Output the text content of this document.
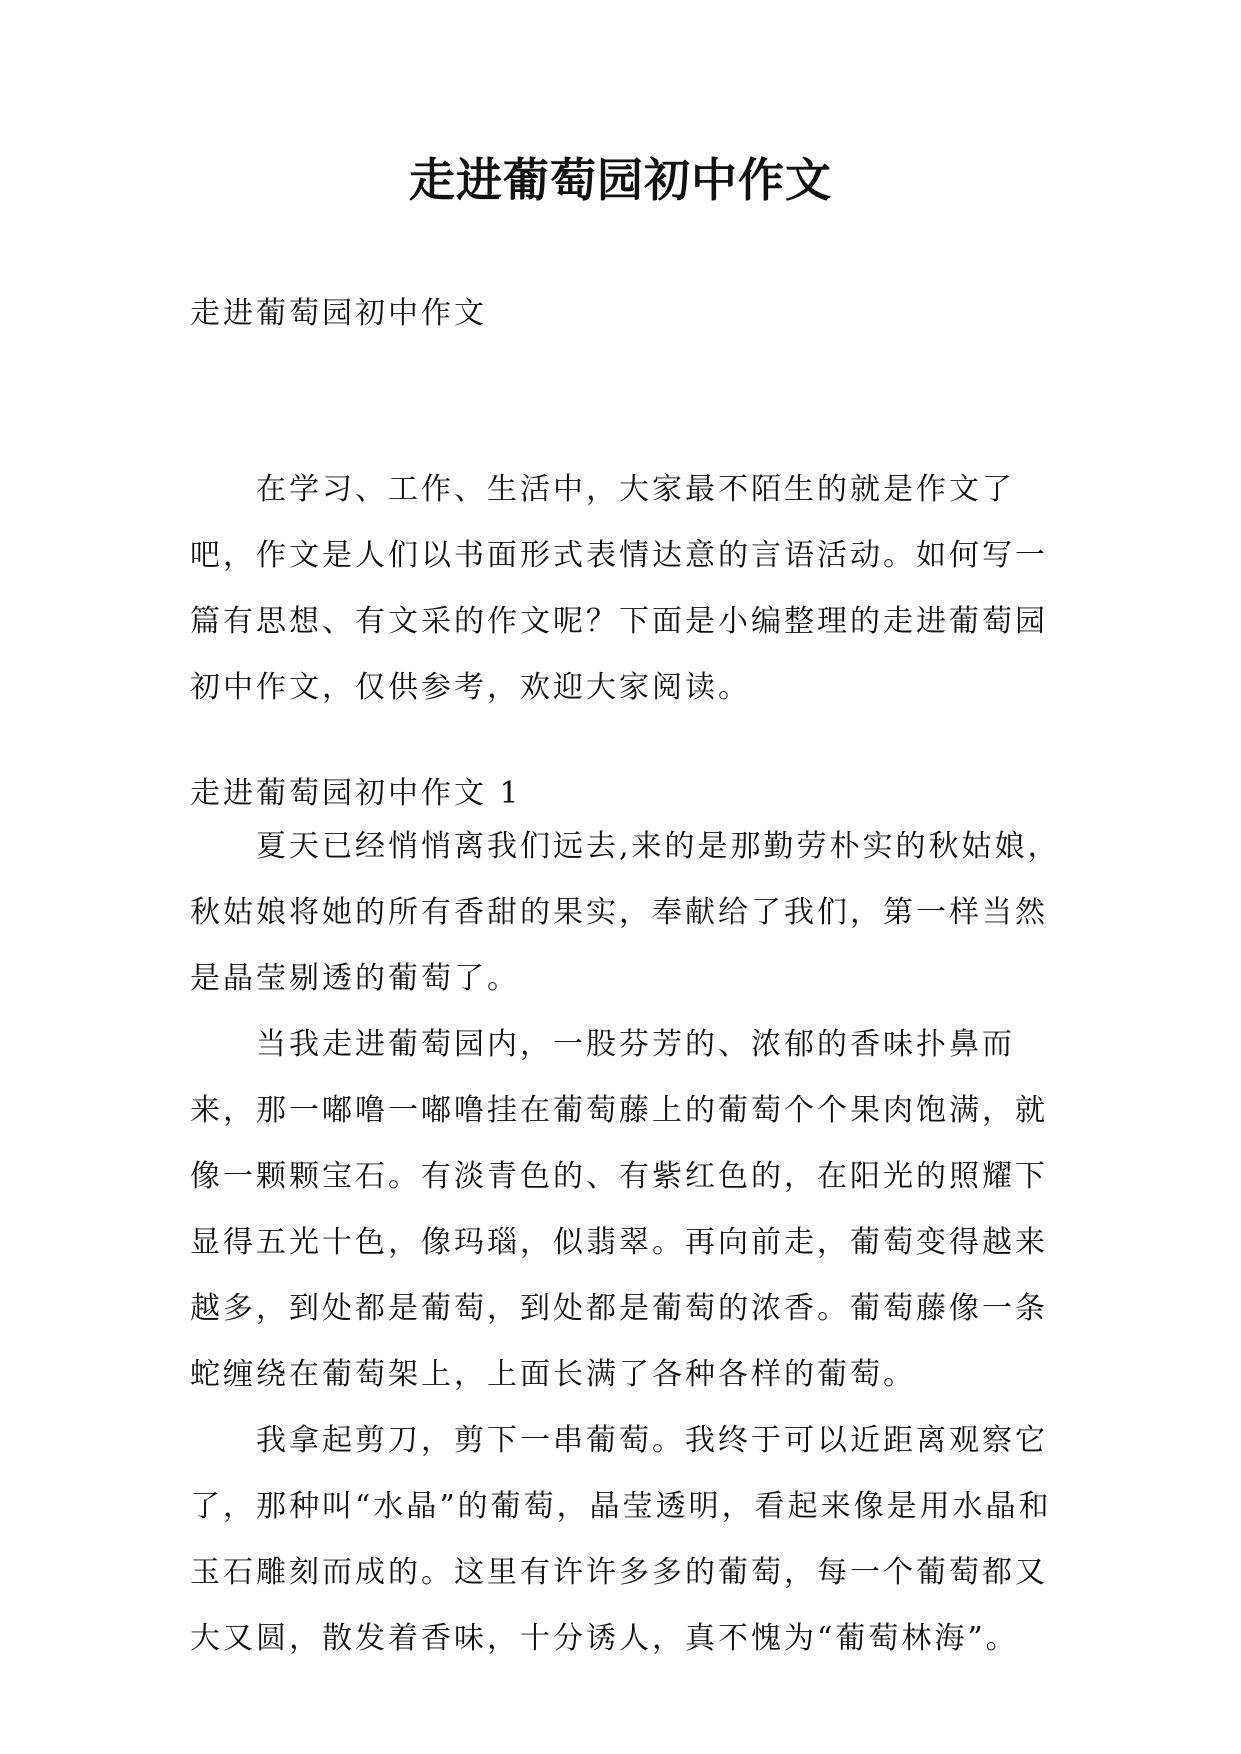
走进葡萄园初中作文
走进葡萄园初中作文

在学习、工作、生活中，大家最不陌生的就是作文了吧，作文是人们以书面形式表情达意的言语活动。如何写一篇有思想、有文采的作文呢？下面是小编整理的走进葡萄园初中作文，仅供参考，欢迎大家阅读。

走进葡萄园初中作文 1

夏天已经悄悄离我们远去,来的是那勤劳朴实的秋姑娘，秋姑娘将她的所有香甜的果实，奉献给了我们，第一样当然是晶莹剔透的葡萄了。

当我走进葡萄园内，一股芬芳的、浓郁的香味扑鼻而来，那一嘟噜一嘟噜挂在葡萄藤上的葡萄个个果肉饱满，就像一颗颗宝石。有淡青色的、有紫红色的，在阳光的照耀下显得五光十色，像玛瑙，似翡翠。再向前走，葡萄变得越来越多，到处都是葡萄，到处都是葡萄的浓香。葡萄藤像一条蛇缠绕在葡萄架上，上面长满了各种各样的葡萄。

我拿起剪刀，剪下一串葡萄。我终于可以近距离观察它了，那种叫“水晶”的葡萄，晶莹透明，看起来像是用水晶和玉石雕刻而成的。这里有许许多多的葡萄，每一个葡萄都又大又圆，散发着香味，十分诱人，真不愧为“葡萄林海”。
